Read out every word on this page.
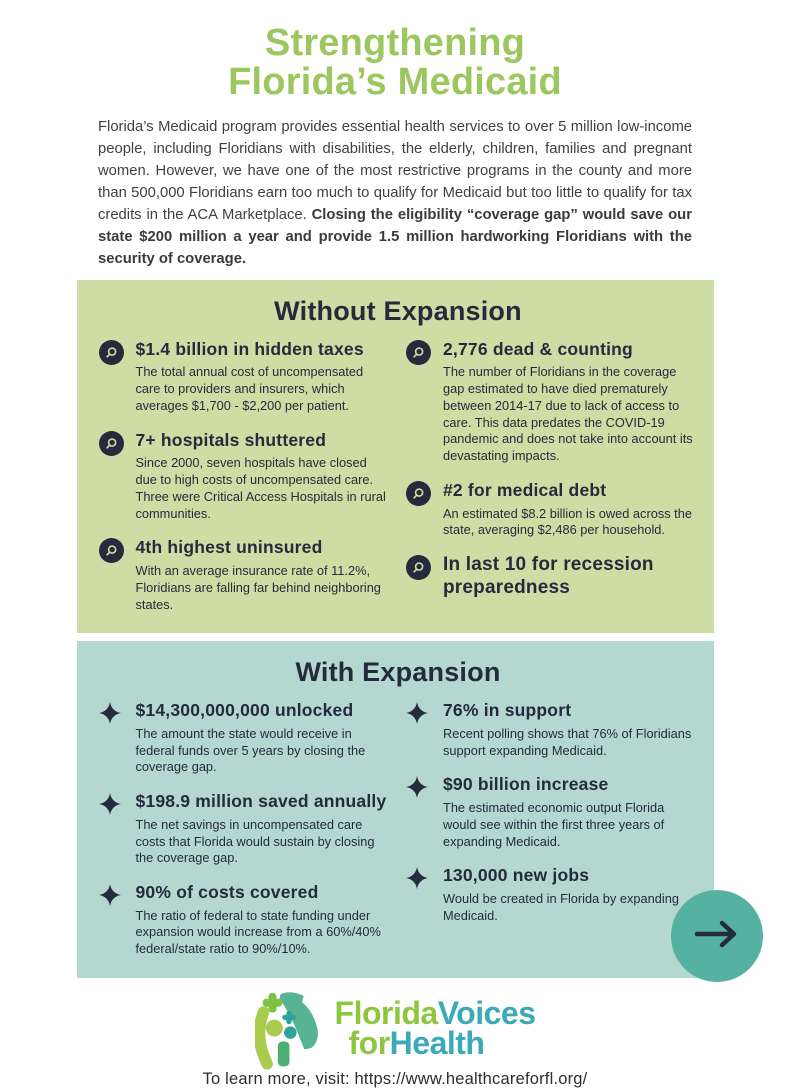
Strengthening
Florida’s Medicaid

Florida’s Medicaid program provides essential health services to over 5 million low-income people, including Floridians with disabilities, the elderly, children, families and pregnant women. However, we have one of the most restrictive programs in the county and more than 500,000 Floridians earn too much to qualify for Medicaid but too little to qualify for tax credits in the ACA Marketplace. Closing the eligibility “coverage gap” would save our state $200 million a year and provide 1.5 million hardworking Floridians with the security of coverage.

Without Expansion
$1.4 billion in hidden taxes
The total annual cost of uncompensated care to providers and insurers, which averages $1,700 - $2,200 per patient.
7+ hospitals shuttered
Since 2000, seven hospitals have closed due to high costs of uncompensated care. Three were Critical Access Hospitals in rural communities.
4th highest uninsured
With an average insurance rate of 11.2%, Floridians are falling far behind neighboring states.
2,776 dead & counting
The number of Floridians in the coverage gap estimated to have died prematurely between 2014-17 due to lack of access to care. This data predates the COVID-19 pandemic and does not take into account its devastating impacts.
#2 for medical debt
An estimated $8.2 billion is owed across the state, averaging $2,486 per household.
In last 10 for recession preparedness
With Expansion
$14,300,000,000 unlocked
The amount the state would receive in federal funds over 5 years by closing the coverage gap.
$198.9 million saved annually
The net savings in uncompensated care costs that Florida would sustain by closing the coverage gap.
90% of costs covered
The ratio of federal to state funding under expansion would increase from a 60%/40% federal/state ratio to 90%/10%.
76% in support
Recent polling shows that 76% of Floridians support expanding Medicaid.
$90 billion increase
The estimated economic output Florida would see within the first three years of expanding Medicaid.
130,000 new jobs
Would be created in Florida by expanding Medicaid.
FloridaVoices
forHealth
To learn more, visit: https://www.healthcareforfl.org/
